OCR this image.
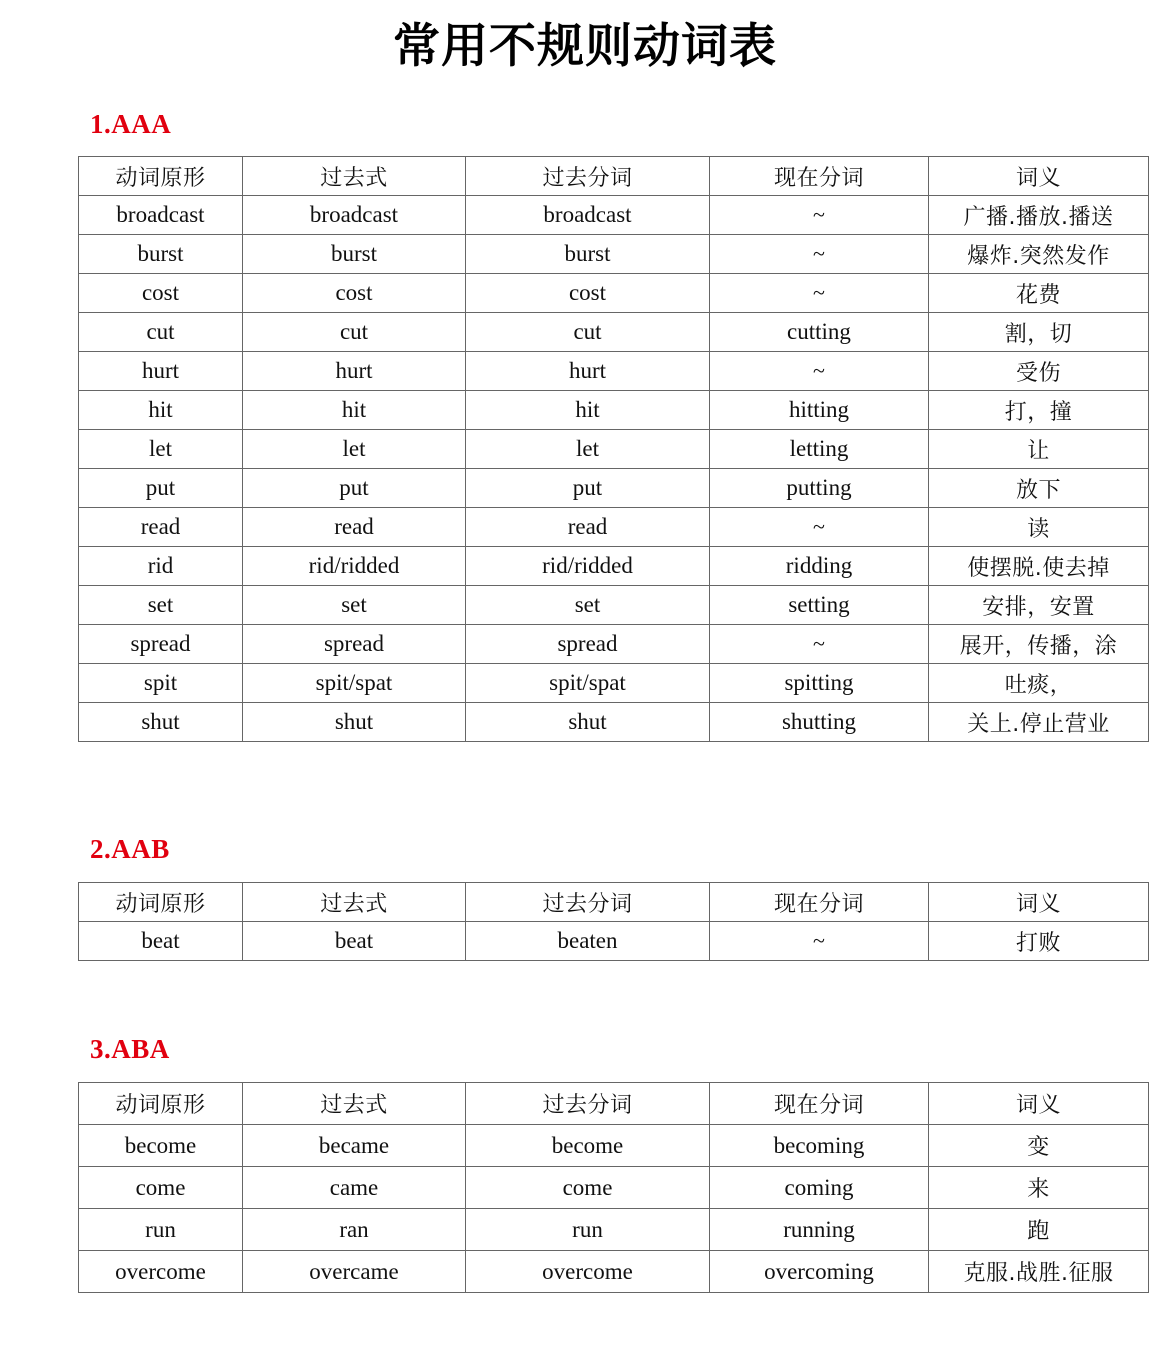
常用不规则动词表
1.AAA
动词原形	过去式	过去分词	现在分词	词义
broadcast	broadcast	broadcast	~	广播.播放.播送
burst	burst	burst	~	爆炸.突然发作
cost	cost	cost	~	花费
cut	cut	cut	cutting	割，切
hurt	hurt	hurt	~	受伤
hit	hit	hit	hitting	打，撞
let	let	let	letting	让
put	put	put	putting	放下
read	read	read	~	读
rid	rid/ridded	rid/ridded	ridding	使摆脱.使去掉
set	set	set	setting	安排，安置
spread	spread	spread	~	展开，传播，涂
spit	spit/spat	spit/spat	spitting	吐痰，
shut	shut	shut	shutting	关上.停止营业
2.AAB
动词原形	过去式	过去分词	现在分词	词义
beat	beat	beaten	~	打败
3.ABA
动词原形	过去式	过去分词	现在分词	词义
become	became	become	becoming	变
come	came	come	coming	来
run	ran	run	running	跑
overcome	overcame	overcome	overcoming	克服.战胜.征服
